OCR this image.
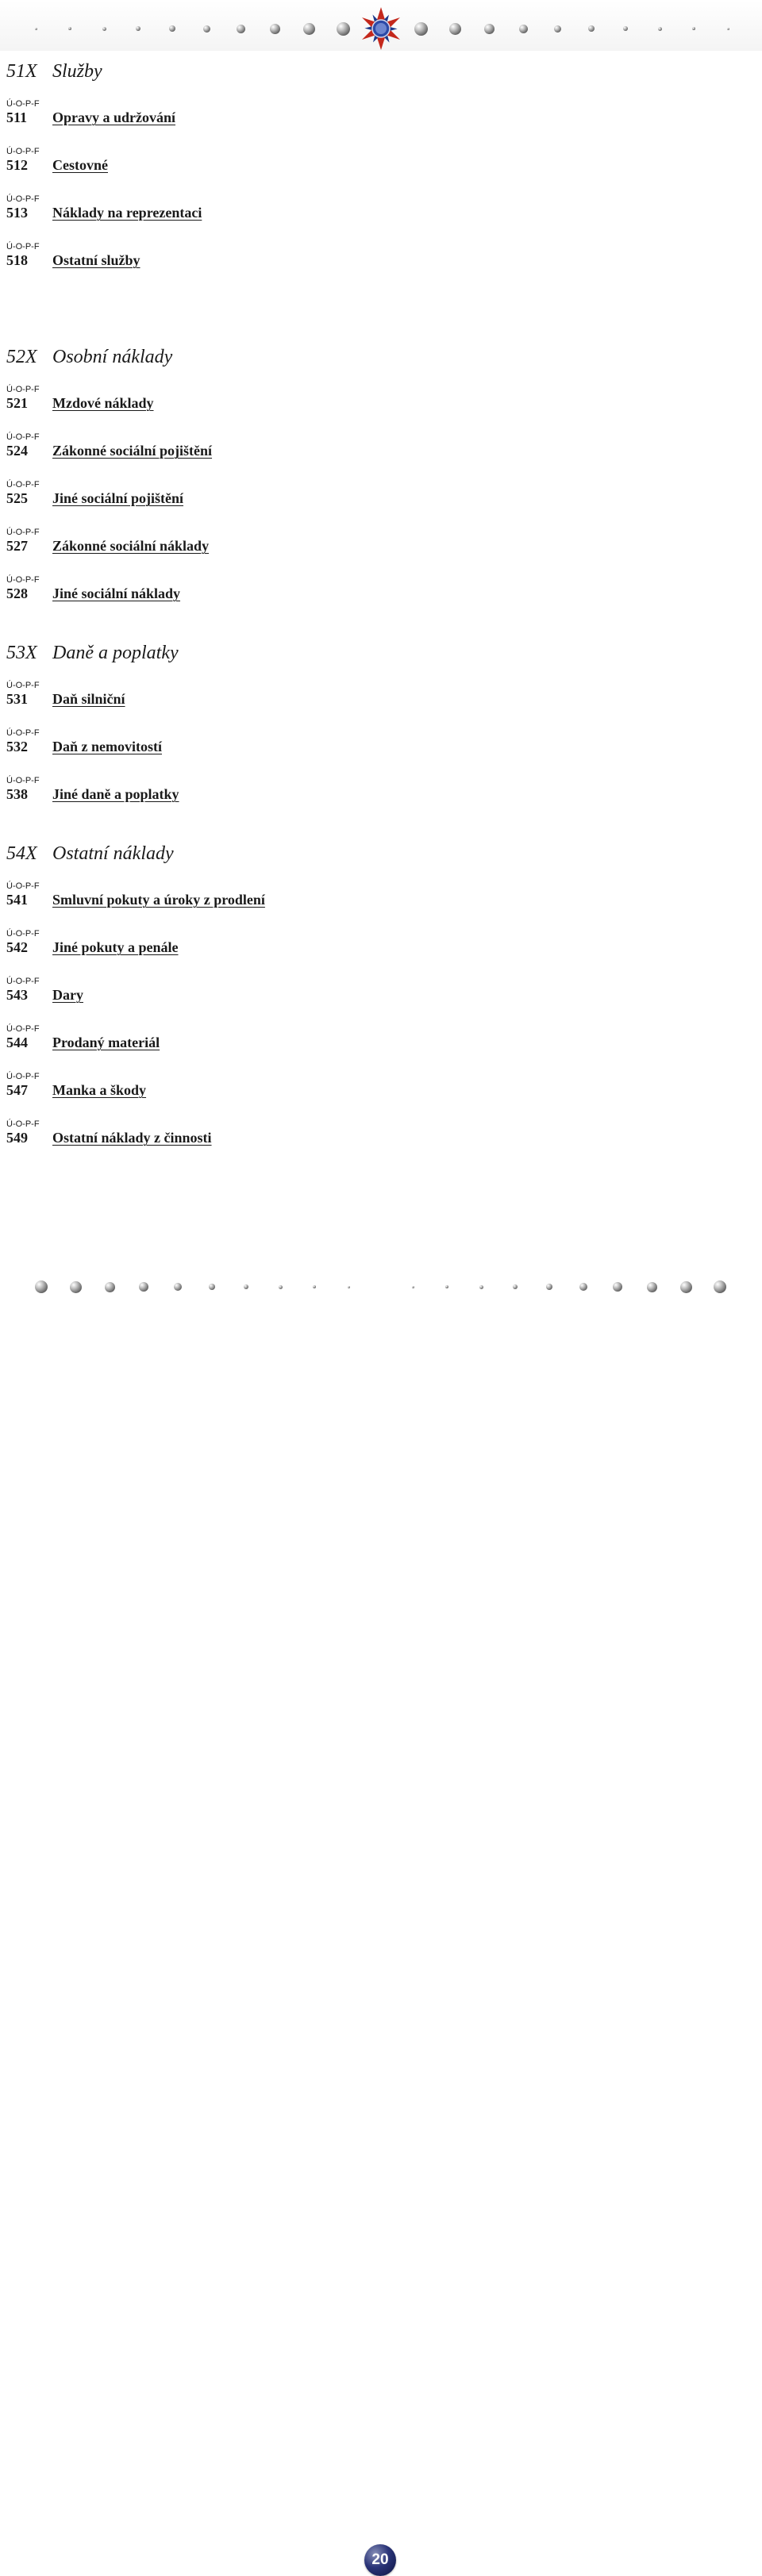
51X Služby
Ú-O-P-F
511 Opravy a udržování
Ú-O-P-F
512 Cestovné
Ú-O-P-F
513 Náklady na reprezentaci
Ú-O-P-F
518 Ostatní služby
52X Osobní náklady
Ú-O-P-F
521 Mzdové náklady
Ú-O-P-F
524 Zákonné sociální pojištění
Ú-O-P-F
525 Jiné sociální pojištění
Ú-O-P-F
527 Zákonné sociální náklady
Ú-O-P-F
528 Jiné sociální náklady
53X Daně a poplatky
Ú-O-P-F
531 Daň silniční
Ú-O-P-F
532 Daň z nemovitostí
Ú-O-P-F
538 Jiné daně a poplatky
54X Ostatní náklady
Ú-O-P-F
541 Smluvní pokuty a úroky z prodlení
Ú-O-P-F
542 Jiné pokuty a penále
Ú-O-P-F
543 Dary
Ú-O-P-F
544 Prodaný materiál
Ú-O-P-F
547 Manka a škody
Ú-O-P-F
549 Ostatní náklady z činnosti
20
